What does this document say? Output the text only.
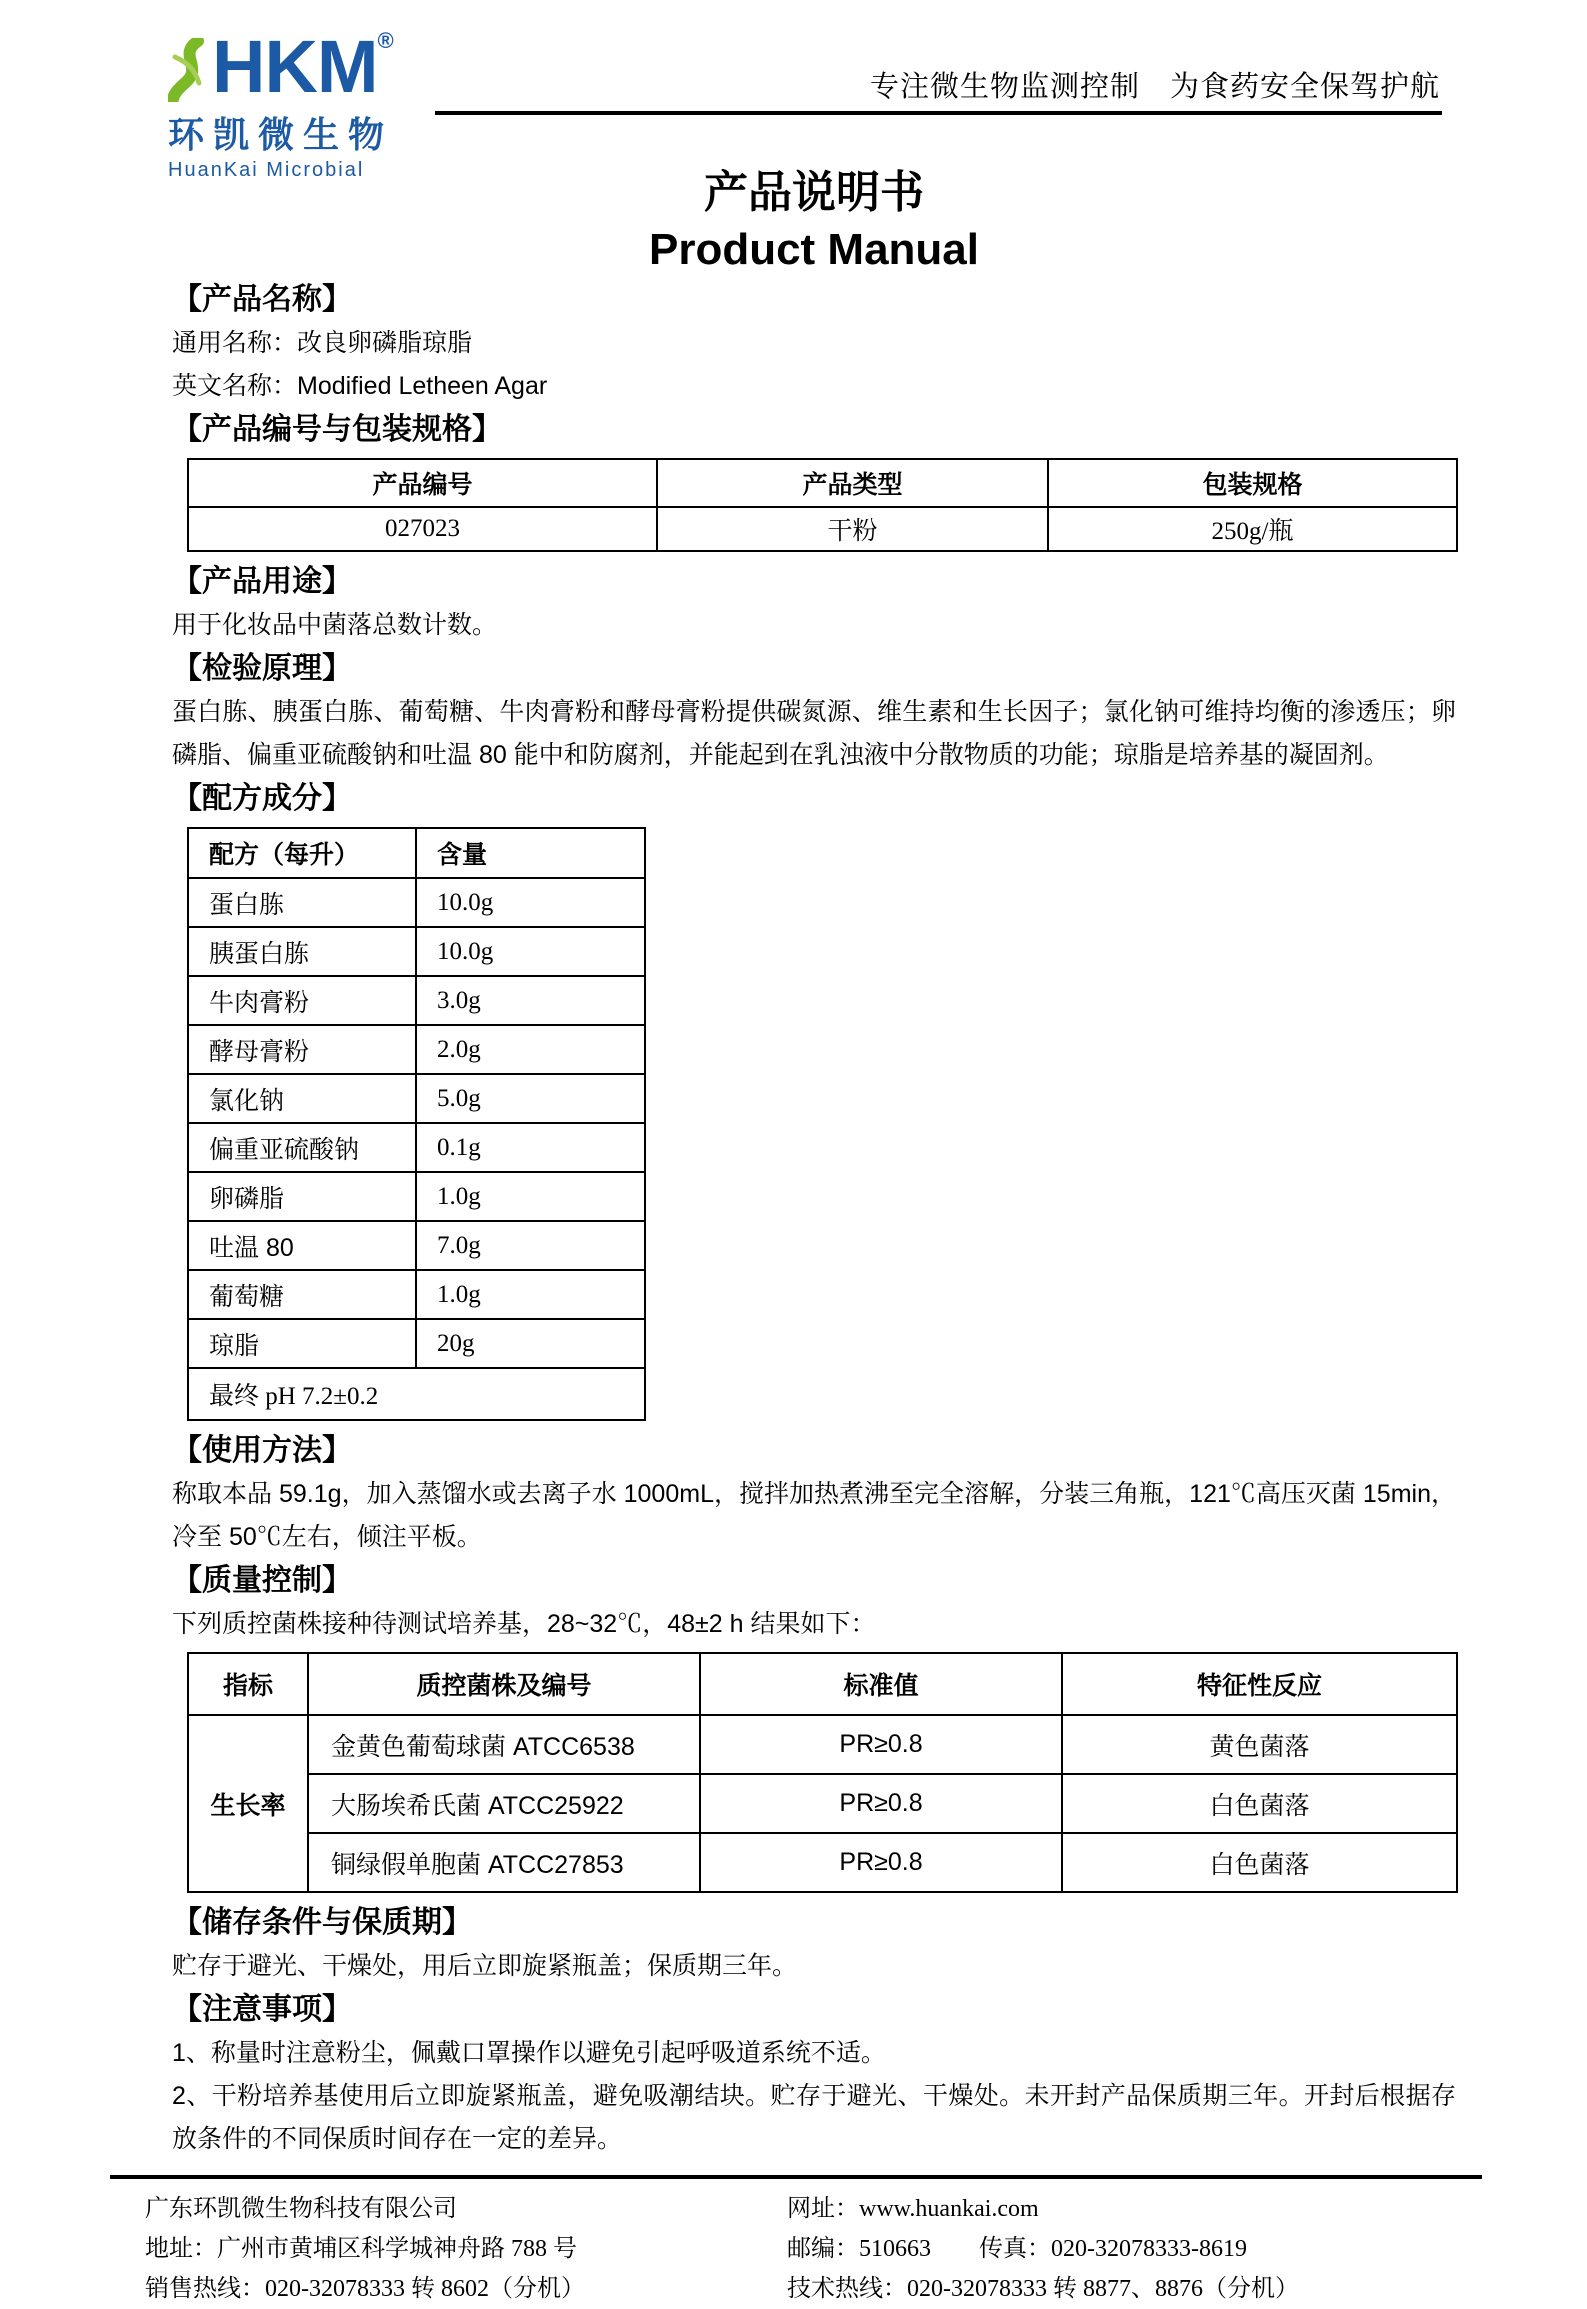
HKM ®
环凯微生物
HuanKai Microbial
专注微生物监测控制　为食药安全保驾护航
产品说明书
Product Manual
【产品名称】
通用名称：改良卵磷脂琼脂
英文名称：Modified Letheen Agar
【产品编号与包装规格】
产品编号	产品类型	包装规格
027023	干粉	250g/瓶
【产品用途】
用于化妆品中菌落总数计数。
【检验原理】
蛋白胨、胰蛋白胨、葡萄糖、牛肉膏粉和酵母膏粉提供碳氮源、维生素和生长因子；氯化钠可维持均衡的渗透压；卵磷脂、偏重亚硫酸钠和吐温 80 能中和防腐剂，并能起到在乳浊液中分散物质的功能；琼脂是培养基的凝固剂。
【配方成分】
配方（每升）	含量
蛋白胨	10.0g
胰蛋白胨	10.0g
牛肉膏粉	3.0g
酵母膏粉	2.0g
氯化钠	5.0g
偏重亚硫酸钠	0.1g
卵磷脂	1.0g
吐温 80	7.0g
葡萄糖	1.0g
琼脂	20g
最终 pH 7.2±0.2	
【使用方法】
称取本品 59.1g，加入蒸馏水或去离子水 1000mL，搅拌加热煮沸至完全溶解，分装三角瓶，121℃高压灭菌 15min，冷至 50℃左右，倾注平板。
【质量控制】
下列质控菌株接种待测试培养基，28~32℃，48±2 h 结果如下：
指标	质控菌株及编号	标准值	特征性反应
生长率	金黄色葡萄球菌 ATCC6538	PR≥0.8	黄色菌落
	大肠埃希氏菌 ATCC25922	PR≥0.8	白色菌落
	铜绿假单胞菌 ATCC27853	PR≥0.8	白色菌落
【储存条件与保质期】
贮存于避光、干燥处，用后立即旋紧瓶盖；保质期三年。
【注意事项】
1、称量时注意粉尘，佩戴口罩操作以避免引起呼吸道系统不适。
2、干粉培养基使用后立即旋紧瓶盖，避免吸潮结块。贮存于避光、干燥处。未开封产品保质期三年。开封后根据存放条件的不同保质时间存在一定的差异。
广东环凯微生物科技有限公司
地址：广州市黄埔区科学城神舟路 788 号
销售热线：020-32078333 转 8602（分机）
网址：www.huankai.com
邮编：510663　　传真：020-32078333-8619
技术热线：020-32078333 转 8877、8876（分机）
